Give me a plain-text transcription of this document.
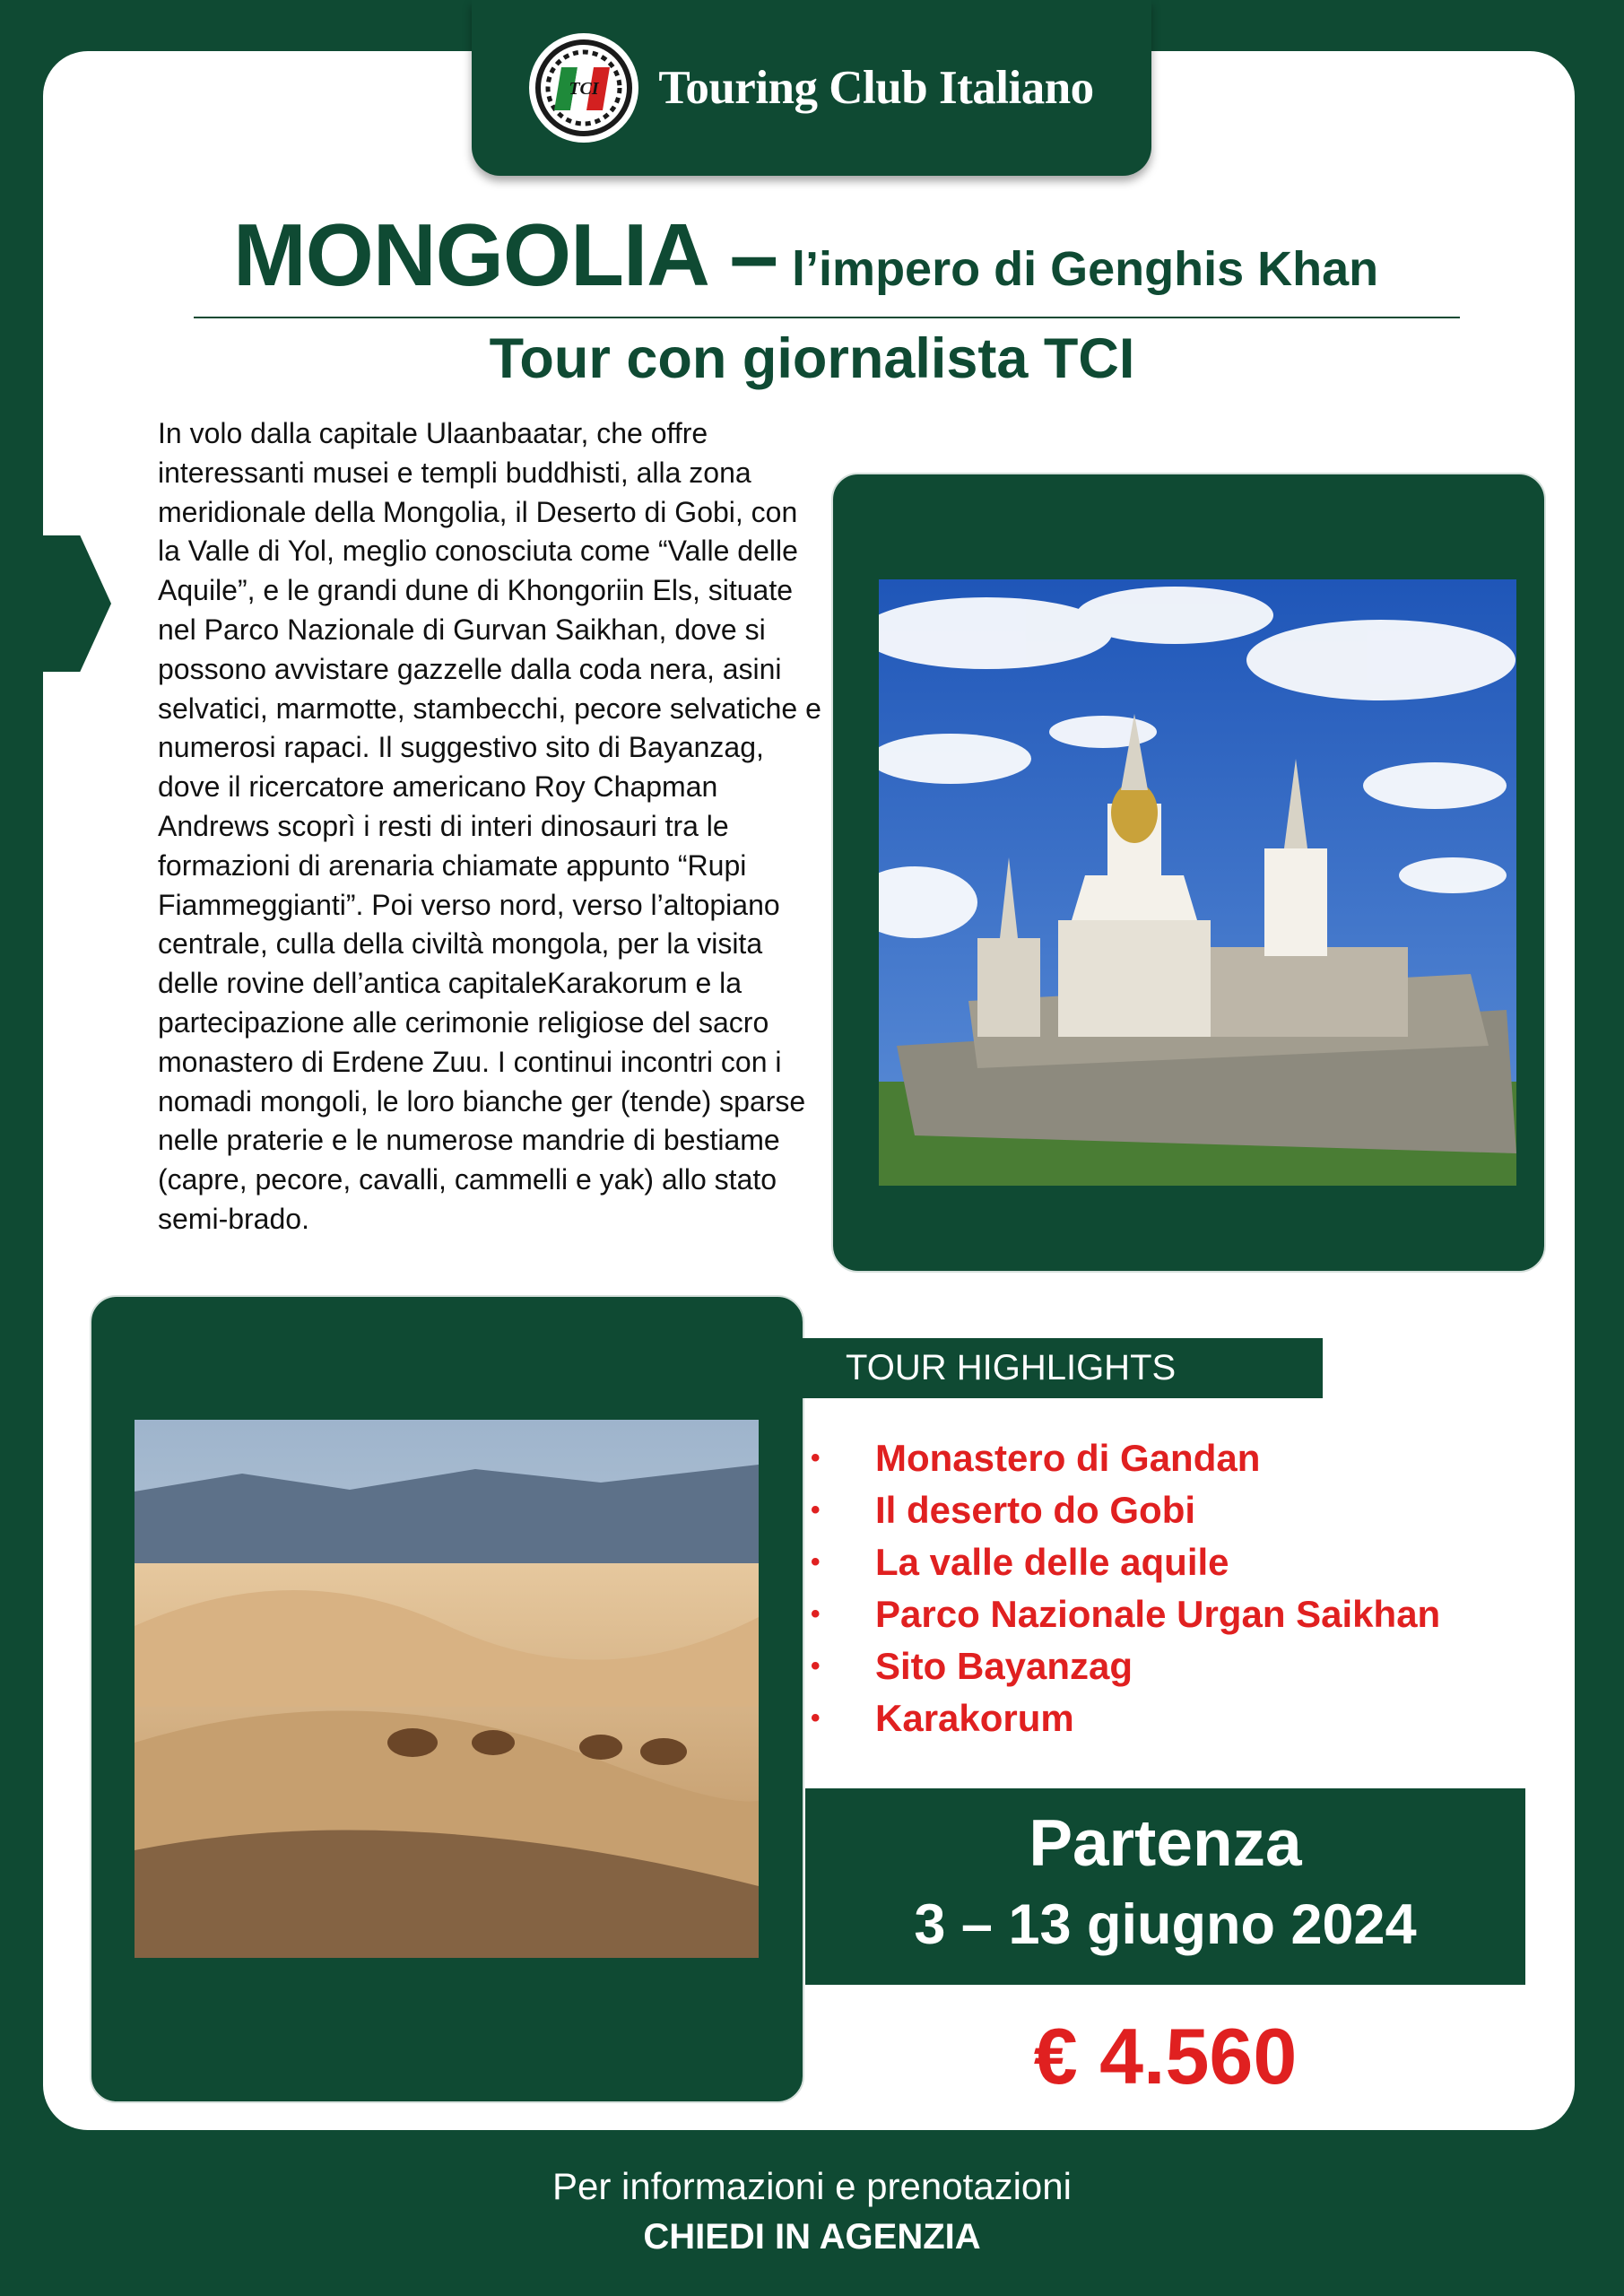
TCI Touring Club Italiano
MONGOLIA – l’impero di Genghis Khan
Tour con giornalista TCI

In volo dalla capitale Ulaanbaatar, che offre interessanti musei e templi buddhisti, alla zona meridionale della Mongolia, il Deserto di Gobi, con la Valle di Yol, meglio conosciuta come “Valle delle Aquile”, e le grandi dune di Khongoriin Els, situate nel Parco Nazionale di Gurvan Saikhan, dove si possono avvistare gazzelle dalla coda nera, asini selvatici, marmotte, stambecchi, pecore selvatiche e numerosi rapaci. Il suggestivo sito di Bayanzag, dove il ricercatore americano Roy Chapman Andrews scoprì i resti di interi dinosauri tra le formazioni di arenaria chiamate appunto “Rupi Fiammeggianti”. Poi verso nord, verso l’altopiano centrale, culla della civiltà mongola, per la visita delle rovine dell’antica capitaleKarakorum e la partecipazione alle cerimonie religiose del sacro monastero di Erdene Zuu. I continui incontri con i nomadi mongoli, le loro bianche ger (tende) sparse nelle praterie e le numerose mandrie di bestiame (capre, pecore, cavalli, cammelli e yak) allo stato semi-brado.

TOUR HIGHLIGHTS
•	Monastero di Gandan
•	Il deserto do Gobi
•	La valle delle aquile
•	Parco Nazionale Urgan Saikhan
•	Sito Bayanzag
•	Karakorum
Partenza
3 – 13 giugno 2024
€ 4.560
Per informazioni e prenotazioni
CHIEDI IN AGENZIA
